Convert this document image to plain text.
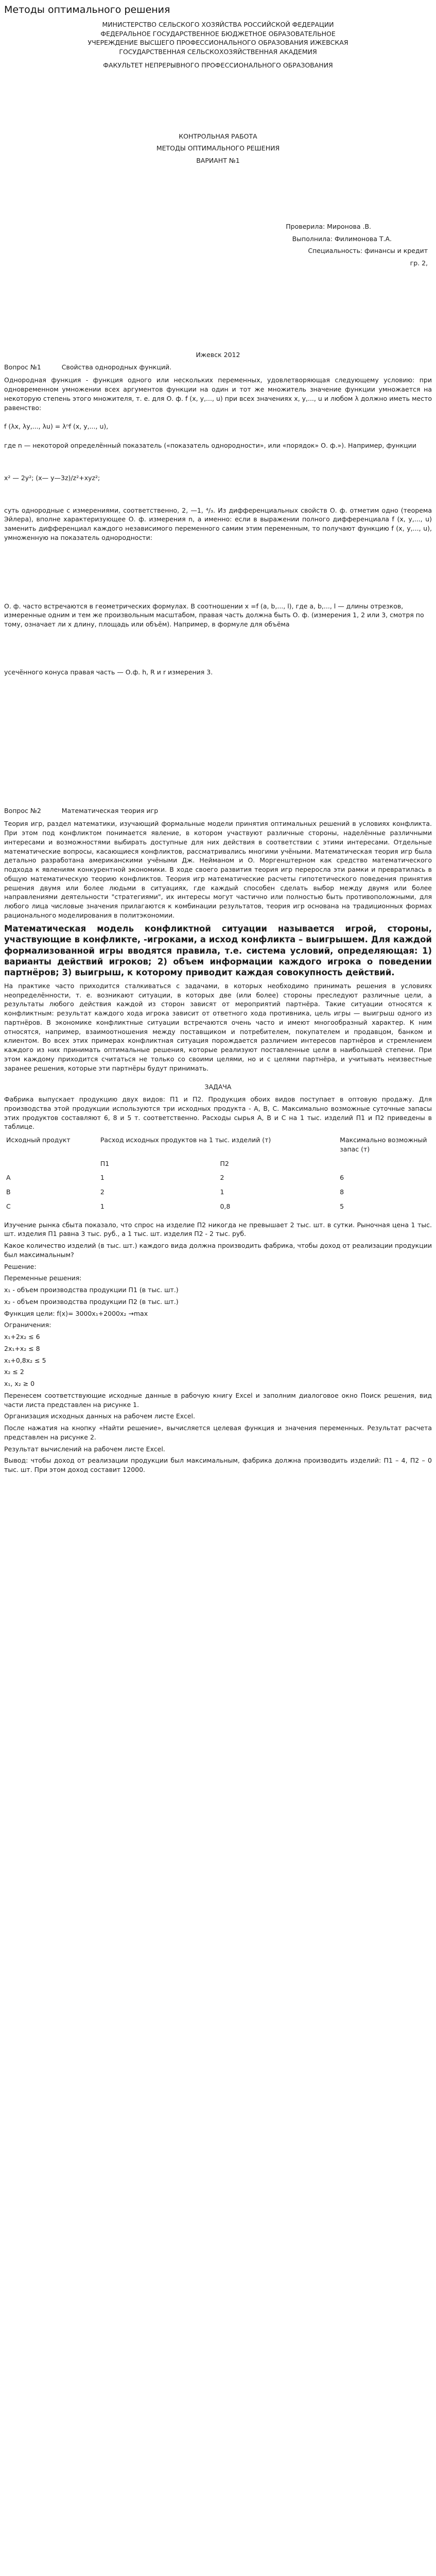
Методы оптимального решения
МИНИСТЕРСТВО СЕЛЬСКОГО ХОЗЯЙСТВА РОССИЙСКОЙ ФЕДЕРАЦИИ
ФЕДЕРАЛЬНОЕ ГОСУДАРСТВЕННОЕ БЮДЖЕТНОЕ ОБРАЗОВАТЕЛЬНОЕ
УЧЕРЕЖДЕНИЕ ВЫСШЕГО ПРОФЕССИОНАЛЬНОГО ОБРАЗОВАНИЯ ИЖЕВСКАЯ
ГОСУДАРСТВЕННАЯ СЕЛЬСКОХОЗЯЙСТВЕННАЯ АКАДЕМИЯ
ФАКУЛЬТЕТ НЕПРЕРЫВНОГО ПРОФЕССИОНАЛЬНОГО ОБРАЗОВАНИЯ
КОНТРОЛЬНАЯ РАБОТА
МЕТОДЫ ОПТИМАЛЬНОГО РЕШЕНИЯ
ВАРИАНТ №1
Проверила: Миронова .В.
Выполнила: Филимонова Т.А.
Специальность: финансы и кредит
гр. 2,
Ижевск 2012
Вопрос №1	Свойства однородных функций.

Однородная функция - функция одного или нескольких переменных, удовлетворяющая следующему условию: при одновременном умножении всех аргументов функции на один и тот же множитель значение функции умножается на некоторую степень этого множителя, т. е. для О. ф. f (x, y,..., u) при всех значениях x, y,..., u и любом λ должно иметь место равенство:

f (λx, λy,..., λu) = λⁿf (x, y,..., u),

где n — некоторой определённый показатель («показатель однородности», или «порядок» О. ф.»). Например, функции

x² — 2y²; (x— y—3z)/z²+xyz²;

суть однородные с измерениями, соответственно, 2, —1, ⁴/₃. Из дифференциальных свойств О. ф. отметим одно (теорема Эйлера), вполне характеризующее О. ф. измерения n, а именно: если в выражении полного дифференциала f (x, y,..., u) заменить дифференциал каждого независимого переменного самим этим переменным, то получают функцию f (x, y,..., u), умноженную на показатель однородности:

О. ф. часто встречаются в геометрических формулах. В соотношении x =f (a, b,..., l), где a, b,..., l — длины отрезков, измеренные одним и тем же произвольным масштабом, правая часть должна быть О. ф. (измерения 1, 2 или 3, смотря по тому, означает ли x длину, площадь или объём). Например, в формуле для объёма

усечённого конуса правая часть — О.ф. h, R и r измерения 3.

Вопрос №2	Математическая теория игр

Теория игр, раздел математики, изучающий формальные модели принятия оптимальных решений в условиях конфликта. При этом под конфликтом понимается явление, в котором участвуют различные стороны, наделённые различными интересами и возможностями выбирать доступные для них действия в соответствии с этими интересами. Отдельные математические вопросы, касающиеся конфликтов, рассматривались многими учёными. Математическая теория игр была детально разработана американскими учёными Дж. Нейманом и О. Моргенштерном как средство математического подхода к явлениям конкурентной экономики. В ходе своего развития теория игр переросла эти рамки и превратилась в общую математическую теорию конфликтов. Теория игр математические расчеты гипотетического поведения принятия решения двумя или более людьми в ситуациях, где каждый способен сделать выбор между двумя или более направлениями деятельности "стратегиями", их интересы могут частично или полностью быть противоположными, для любого лица числовые значения прилагаются к комбинации результатов, теория игр основана на традиционных формах рационального моделирования в политэкономии.

Математическая модель конфликтной ситуации называется игрой, стороны, участвующие в конфликте, -игроками, а исход конфликта – выигрышем. Для каждой формализованной игры вводятся правила, т.е. система условий, определяющая: 1) варианты действий игроков; 2) объем информации каждого игрока о поведении партнёров; 3) выигрыш, к которому приводит каждая совокупность действий.

На практике часто приходится сталкиваться с задачами, в которых необходимо принимать решения в условиях неопределённости, т. е. возникают ситуации, в которых две (или более) стороны преследуют различные цели, а результаты любого действия каждой из сторон зависят от мероприятий партнёра. Такие ситуации относятся к конфликтным: результат каждого хода игрока зависит от ответного хода противника, цель игры — выигрыш одного из партнёров. В экономике конфликтные ситуации встречаются очень часто и имеют многообразный характер. К ним относятся, например, взаимоотношения между поставщиком и потребителем, покупателем и продавцом, банком и клиентом. Во всех этих примерах конфликтная ситуация порождается различием интересов партнёров и стремлением каждого из них принимать оптимальные решения, которые реализуют поставленные цели в наибольшей степени. При этом каждому приходится считаться не только со своими целями, но и с целями партнёра, и учитывать неизвестные заранее решения, которые эти партнёры будут принимать.

ЗАДАЧА

Фабрика выпускает продукцию двух видов: П1 и П2. Продукция обоих видов поступает в оптовую продажу. Для производства этой продукции используются три исходных продукта - А, В, С. Максимально возможные суточные запасы этих продуктов составляют 6, 8 и 5 т. соответственно. Расходы сырья А, В и С на 1 тыс. изделий П1 и П2 приведены в таблице.

Исходный продукт	Расход исходных продуктов на 1 тыс. изделий (т)		Максимально возможный запас (т)
	П1	П2	
A	1	2	6
B	2	1	8
C	1	0,8	5

Изучение рынка сбыта показало, что спрос на изделие П2 никогда не превышает 2 тыс. шт. в сутки. Рыночная цена 1 тыс. шт. изделия П1 равна 3 тыс. руб., а 1 тыс. шт. изделия П2 - 2 тыс. руб.

Какое количество изделий (в тыс. шт.) каждого вида должна производить фабрика, чтобы доход от реализации продукции был максимальным?

Решение:

Переменные решения:

x₁ - объем производства продукции П1 (в тыс. шт.)

x₂ - объем производства продукции П2 (в тыс. шт.)

Функция цели: f(x)= 3000x₁+2000x₂ →max

Ограничения:

x₁+2x₂ ≤ 6

2x₁+x₂ ≤ 8

x₁+0,8x₂ ≤ 5

x₂ ≤ 2

x₁, x₂ ≥ 0

Перенесем соответствующие исходные данные в рабочую книгу Excel и заполним диалоговое окно Поиск решения, вид части листа представлен на рисунке 1.

Организация исходных данных на рабочем листе Excel.

После нажатия на кнопку «Найти решение», вычисляется целевая функция и значения переменных. Результат расчета представлен на рисунке 2.

Результат вычислений на рабочем листе Excel.

Вывод: чтобы доход от реализации продукции был максимальным, фабрика должна производить изделий: П1 – 4, П2 – 0 тыс. шт. При этом доход составит 12000.
